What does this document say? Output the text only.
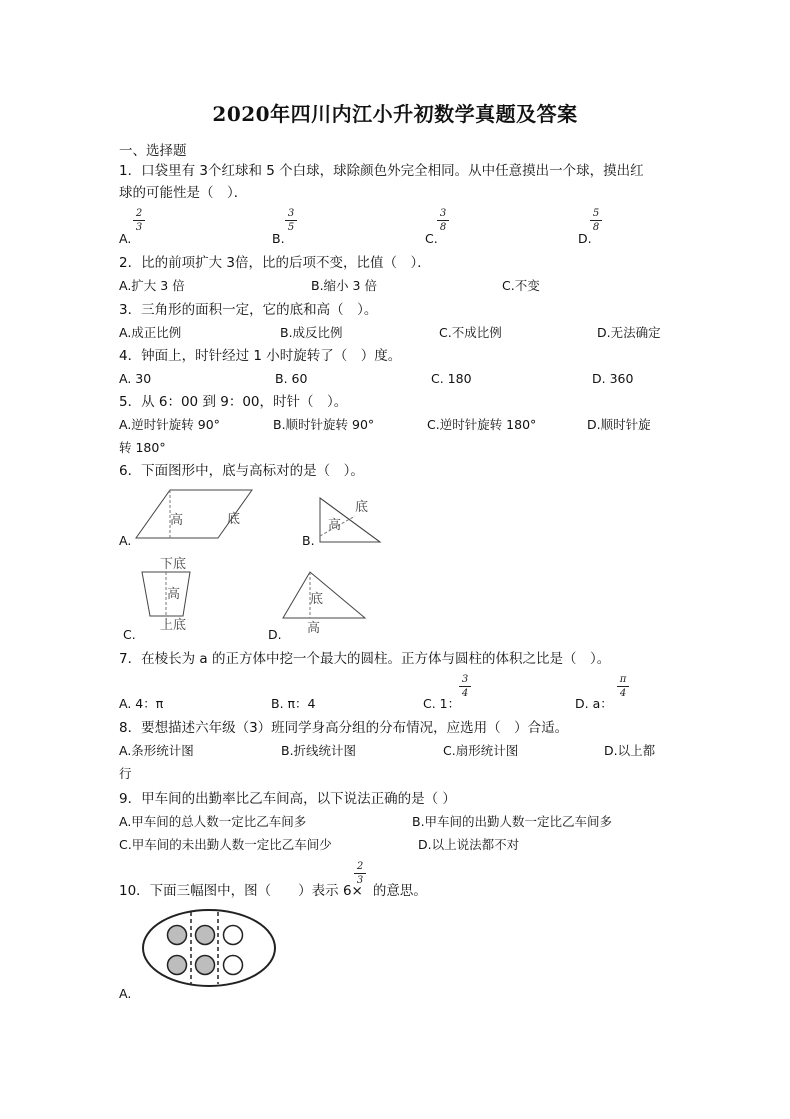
2020年四川内江小升初数学真题及答案
一、选择题
1．口袋里有 3个红球和 5 个白球，球除颜色外完全相同。从中任意摸出一个球，摸出红
球的可能性是（　）．
A.
$\frac{2}{3}$
B.
$\frac{3}{5}$
C.
$\frac{3}{8}$
D.
$\frac{5}{8}$
2．比的前项扩大 3倍，比的后项不变，比值（　）．
A.扩大 3 倍	B.缩小 3 倍	C.不变
3．三角形的面积一定，它的底和高（　）。
A.成正比例	B.成反比例	C.不成比例	D.无法确定
4．钟面上，时针经过 1 小时旋转了（　）度。
A. 30	B. 60	C. 180	D. 360
5．从 6：00 到 9：00，时针（　）。
A.逆时针旋转 90°	B.顺时针旋转 90°	C.逆时针旋转 180°	D.顺时针旋
转 180°
6．下面图形中，底与高标对的是（　）。
高	底	高
底
下底
高
上底
底
高
A.	B.
C.	D.
7．在棱长为 a 的正方体中挖一个最大的圆柱。正方体与圆柱的体积之比是（　）。
A. 4：π	B. π：4	C. 1：
$\frac{3}{4}$
D. a：
$\frac{\pi}{4}$
8．要想描述六年级（3）班同学身高分组的分布情况，应选用（　）合适。
A.条形统计图	B.折线统计图	C.扇形统计图	D.以上都
行
9．甲车间的出勤率比乙车间高，以下说法正确的是（ ）
A.甲车间的总人数一定比乙车间多	B.甲车间的出勤人数一定比乙车间多
C.甲车间的未出勤人数一定比乙车间少	D.以上说法都不对
10．下面三幅图中，图（　　）表示 6× 的意思。
$\frac{2}{3}$
A.
